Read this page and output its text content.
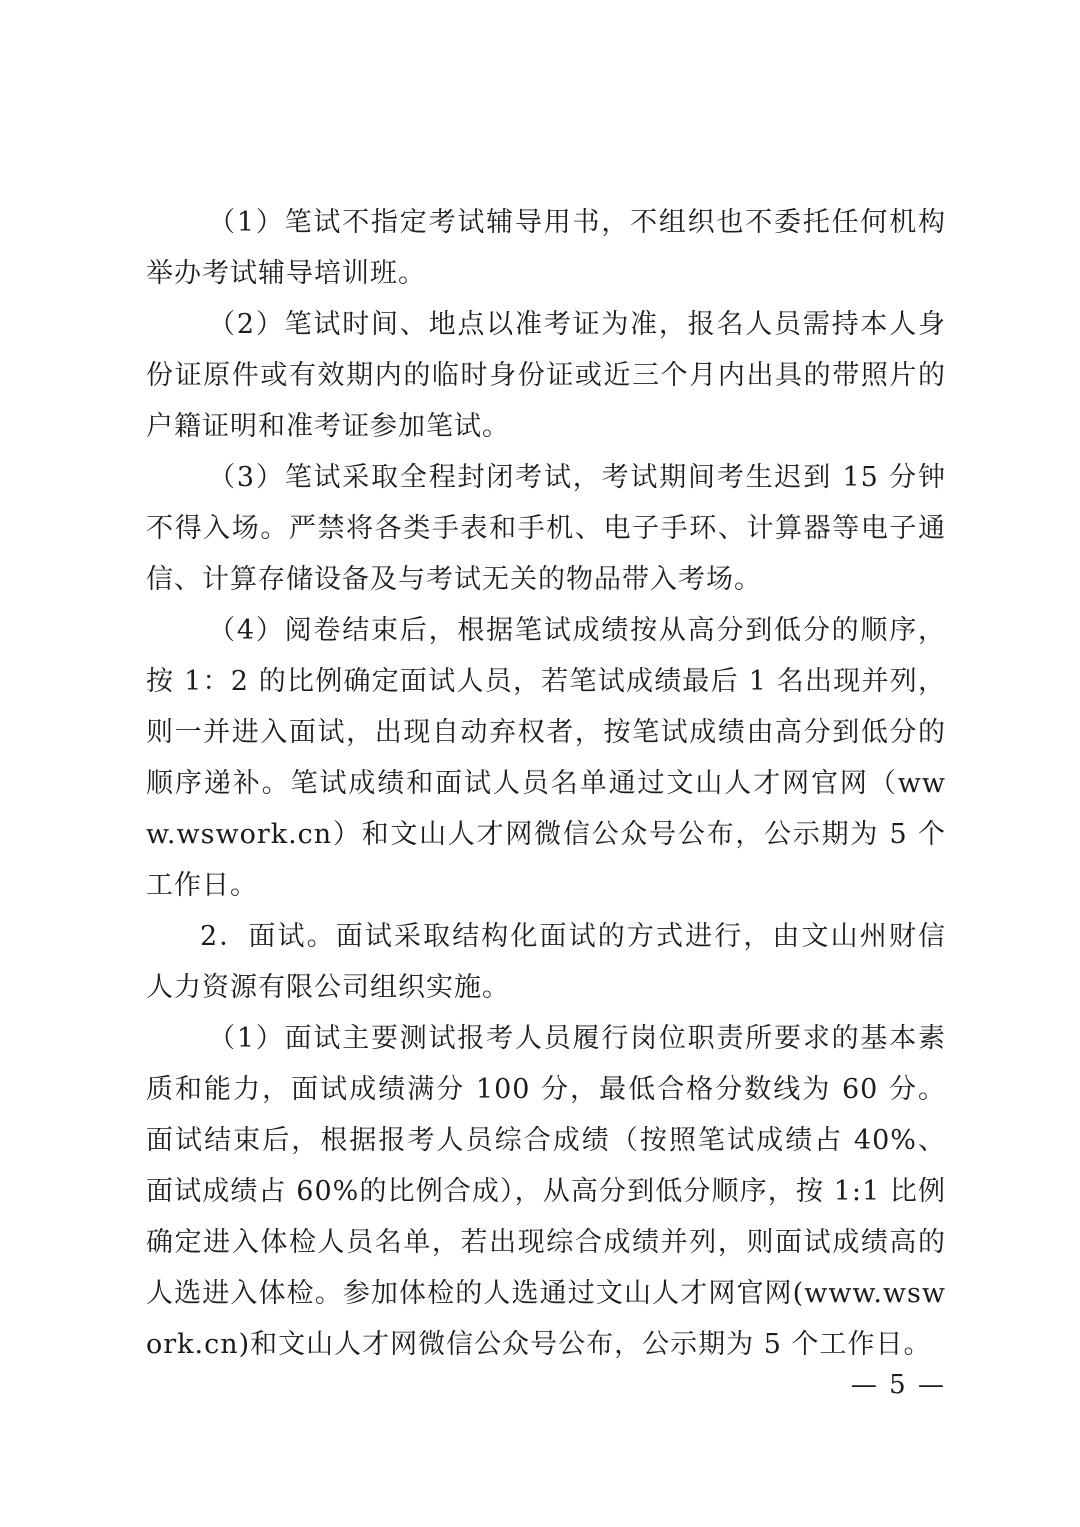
（1）笔试不指定考试辅导用书，不组织也不委托任何机构举办考试辅导培训班。

（2）笔试时间、地点以准考证为准，报名人员需持本人身份证原件或有效期内的临时身份证或近三个月内出具的带照片的户籍证明和准考证参加笔试。

（3）笔试采取全程封闭考试，考试期间考生迟到 15 分钟不得入场。严禁将各类手表和手机、电子手环、计算器等电子通信、计算存储设备及与考试无关的物品带入考场。

（4）阅卷结束后，根据笔试成绩按从高分到低分的顺序，按 1：2 的比例确定面试人员，若笔试成绩最后 1 名出现并列，则一并进入面试，出现自动弃权者，按笔试成绩由高分到低分的顺序递补。笔试成绩和面试人员名单通过文山人才网官网（www.wswork.cn）和文山人才网微信公众号公布，公示期为 5 个工作日。

2．面试。面试采取结构化面试的方式进行，由文山州财信人力资源有限公司组织实施。

（1）面试主要测试报考人员履行岗位职责所要求的基本素质和能力，面试成绩满分 100 分，最低合格分数线为 60 分。面试结束后，根据报考人员综合成绩（按照笔试成绩占 40%、面试成绩占 60%的比例合成），从高分到低分顺序，按 1:1 比例确定进入体检人员名单，若出现综合成绩并列，则面试成绩高的人选进入体检。参加体检的人选通过文山人才网官网(www.wswork.cn)和文山人才网微信公众号公布，公示期为 5 个工作日。

— 5 —
